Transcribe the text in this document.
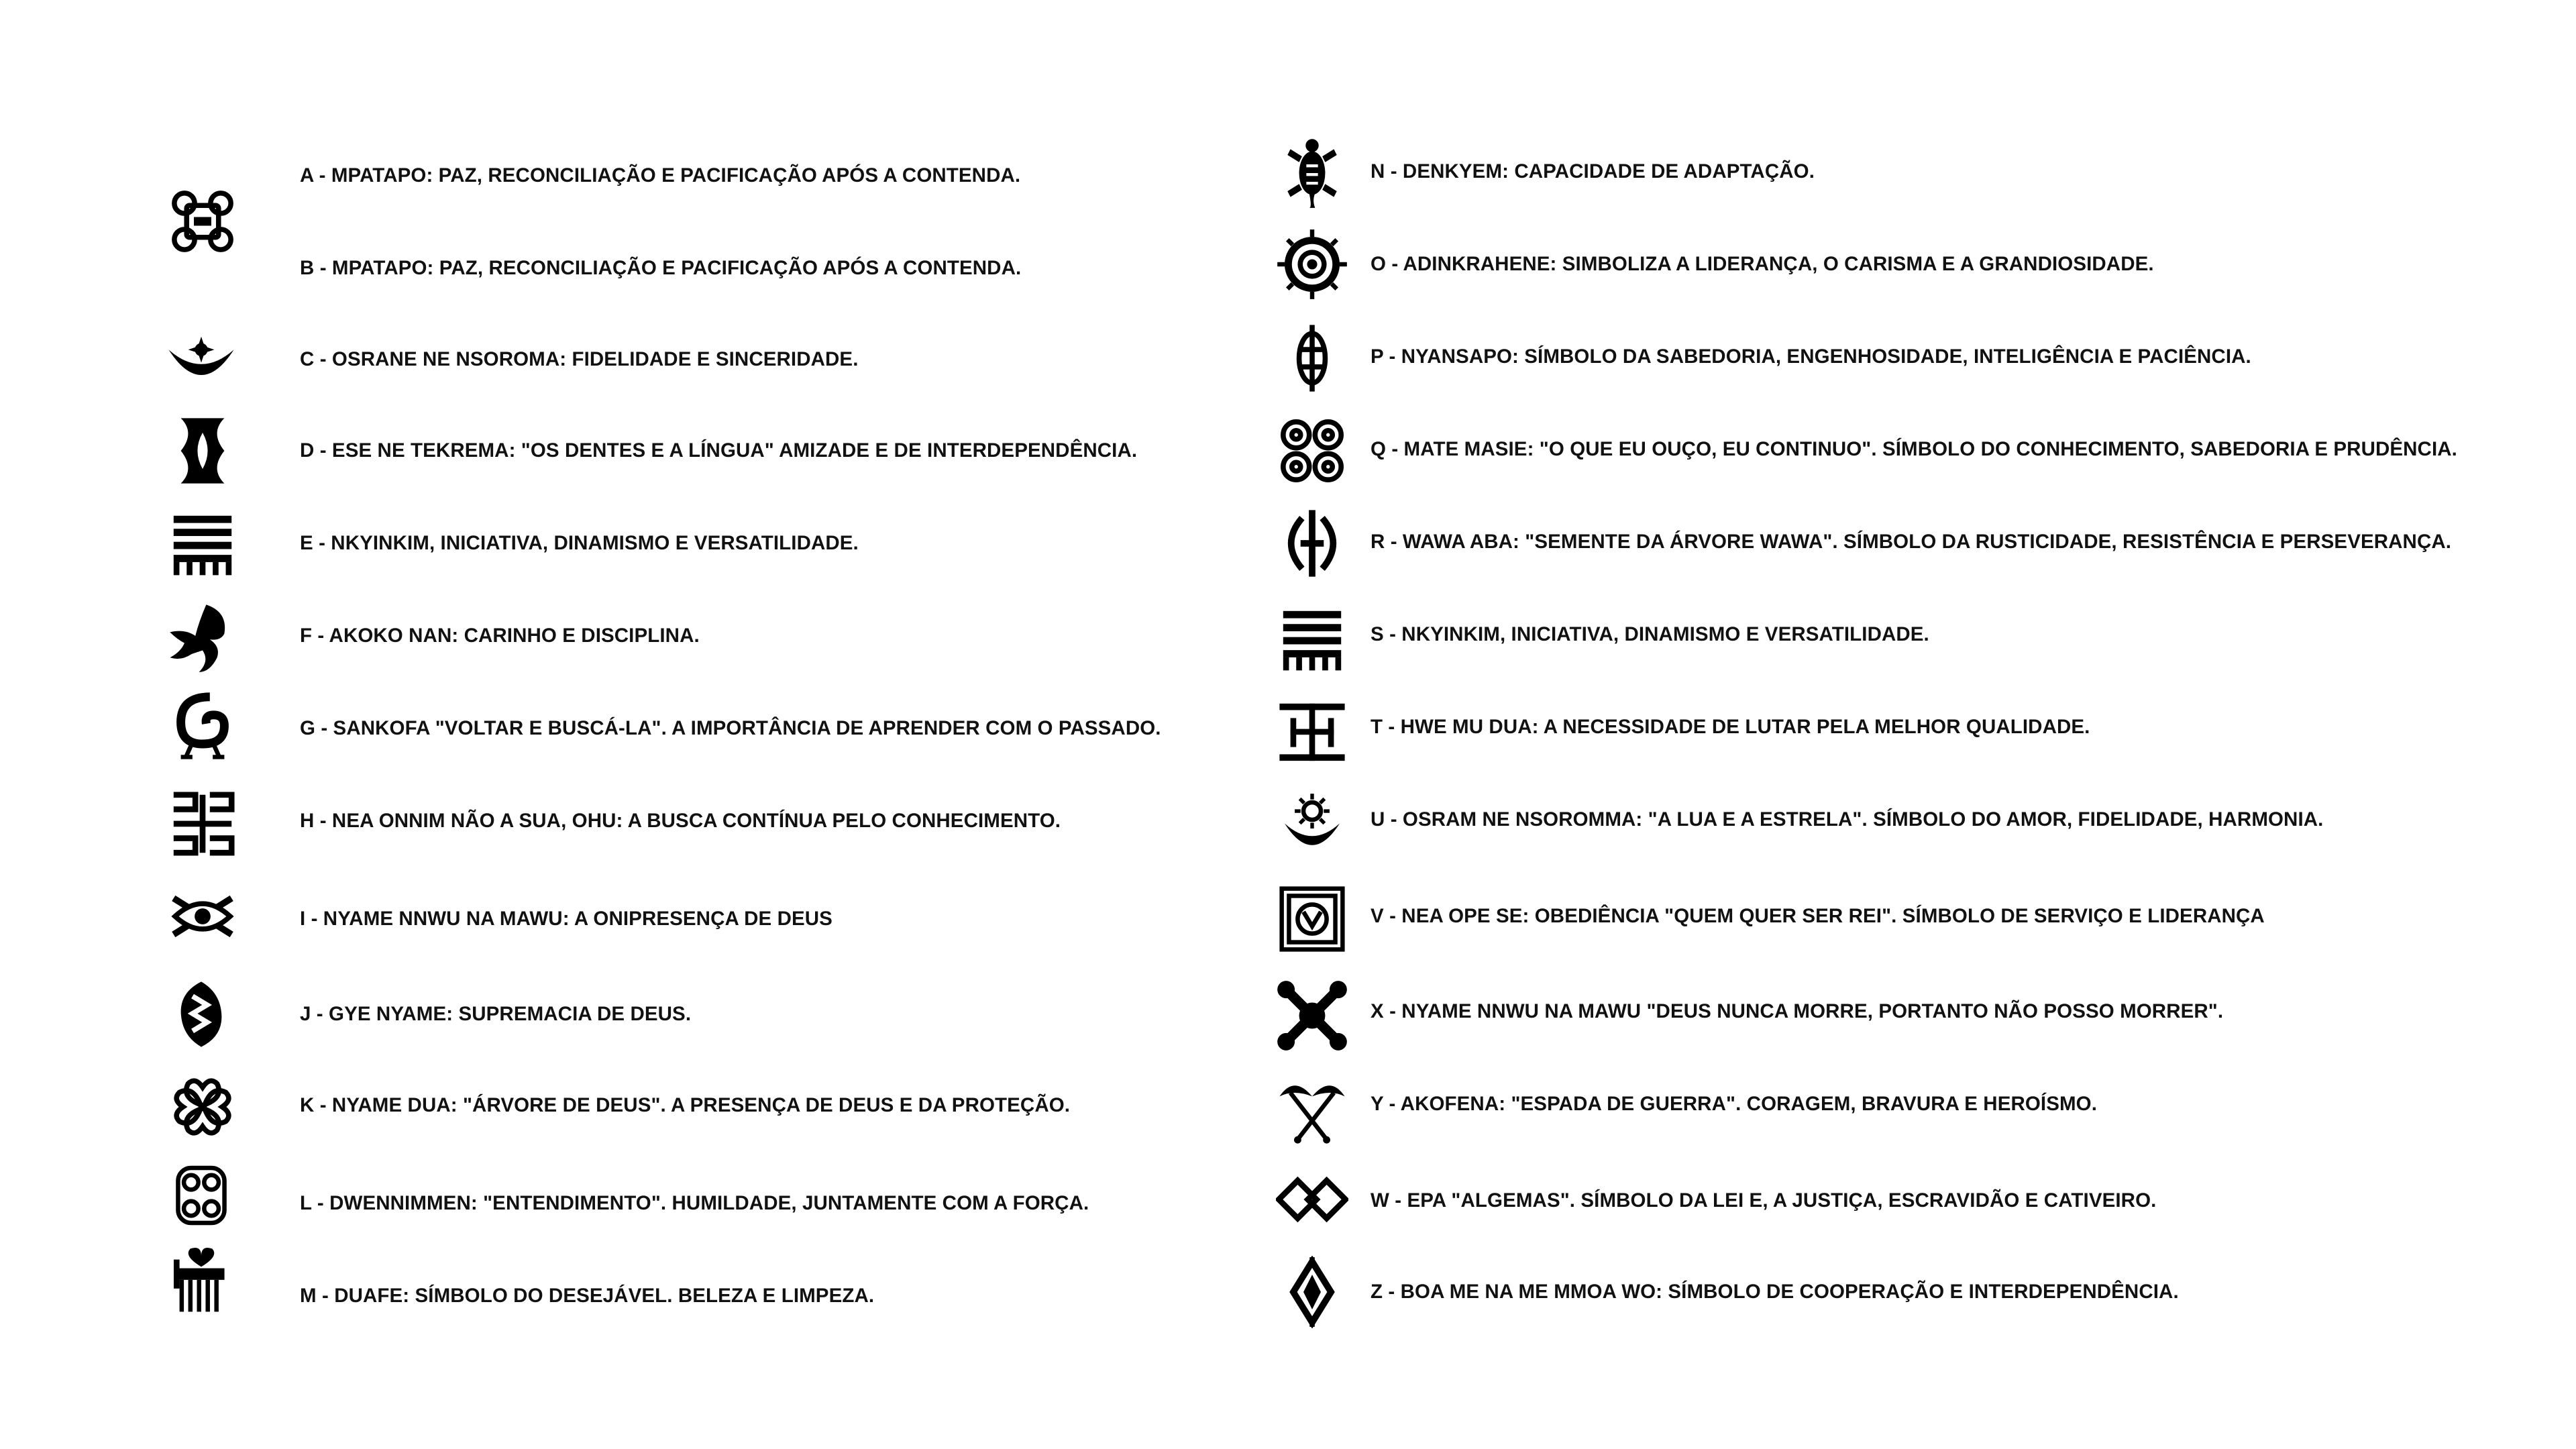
A - MPATAPO: PAZ, RECONCILIAÇÃO E PACIFICAÇÃO APÓS A CONTENDA.
B - MPATAPO: PAZ, RECONCILIAÇÃO E PACIFICAÇÃO APÓS A CONTENDA.
C - OSRANE NE NSOROMA: FIDELIDADE E SINCERIDADE.
D - ESE NE TEKREMA: "OS DENTES E A LÍNGUA" AMIZADE E DE INTERDEPENDÊNCIA.
E - NKYINKIM, INICIATIVA, DINAMISMO E VERSATILIDADE.
F - AKOKO NAN: CARINHO E DISCIPLINA.
G - SANKOFA "VOLTAR E BUSCÁ-LA". A IMPORTÂNCIA DE APRENDER COM O PASSADO.
H - NEA ONNIM NÃO A SUA, OHU: A BUSCA CONTÍNUA PELO CONHECIMENTO.
I - NYAME NNWU NA MAWU: A ONIPRESENÇA DE DEUS
J - GYE NYAME: SUPREMACIA DE DEUS.
K - NYAME DUA: "ÁRVORE DE DEUS". A PRESENÇA DE DEUS E DA PROTEÇÃO.
L - DWENNIMMEN: "ENTENDIMENTO". HUMILDADE, JUNTAMENTE COM A FORÇA.
M - DUAFE: SÍMBOLO DO DESEJÁVEL. BELEZA E LIMPEZA.
N - DENKYEM: CAPACIDADE DE ADAPTAÇÃO.
O - ADINKRAHENE: SIMBOLIZA A LIDERANÇA, O CARISMA E A GRANDIOSIDADE.
P - NYANSAPO: SÍMBOLO DA SABEDORIA, ENGENHOSIDADE, INTELIGÊNCIA E PACIÊNCIA.
Q - MATE MASIE: "O QUE EU OUÇO, EU CONTINUO". SÍMBOLO DO CONHECIMENTO, SABEDORIA E PRUDÊNCIA.
R - WAWA ABA: "SEMENTE DA ÁRVORE WAWA". SÍMBOLO DA RUSTICIDADE, RESISTÊNCIA E PERSEVERANÇA.
S - NKYINKIM, INICIATIVA, DINAMISMO E VERSATILIDADE.
T - HWE MU DUA: A NECESSIDADE DE LUTAR PELA MELHOR QUALIDADE.
U - OSRAM NE NSOROMMA: "A LUA E A ESTRELA". SÍMBOLO DO AMOR, FIDELIDADE, HARMONIA.
V - NEA OPE SE: OBEDIÊNCIA "QUEM QUER SER REI". SÍMBOLO DE SERVIÇO E LIDERANÇA
X - NYAME NNWU NA MAWU "DEUS NUNCA MORRE, PORTANTO NÃO POSSO MORRER".
Y - AKOFENA: "ESPADA DE GUERRA". CORAGEM, BRAVURA E HEROÍSMO.
W - EPA "ALGEMAS". SÍMBOLO DA LEI E, A JUSTIÇA, ESCRAVIDÃO E CATIVEIRO.
Z - BOA ME NA ME MMOA WO: SÍMBOLO DE COOPERAÇÃO E INTERDEPENDÊNCIA.
